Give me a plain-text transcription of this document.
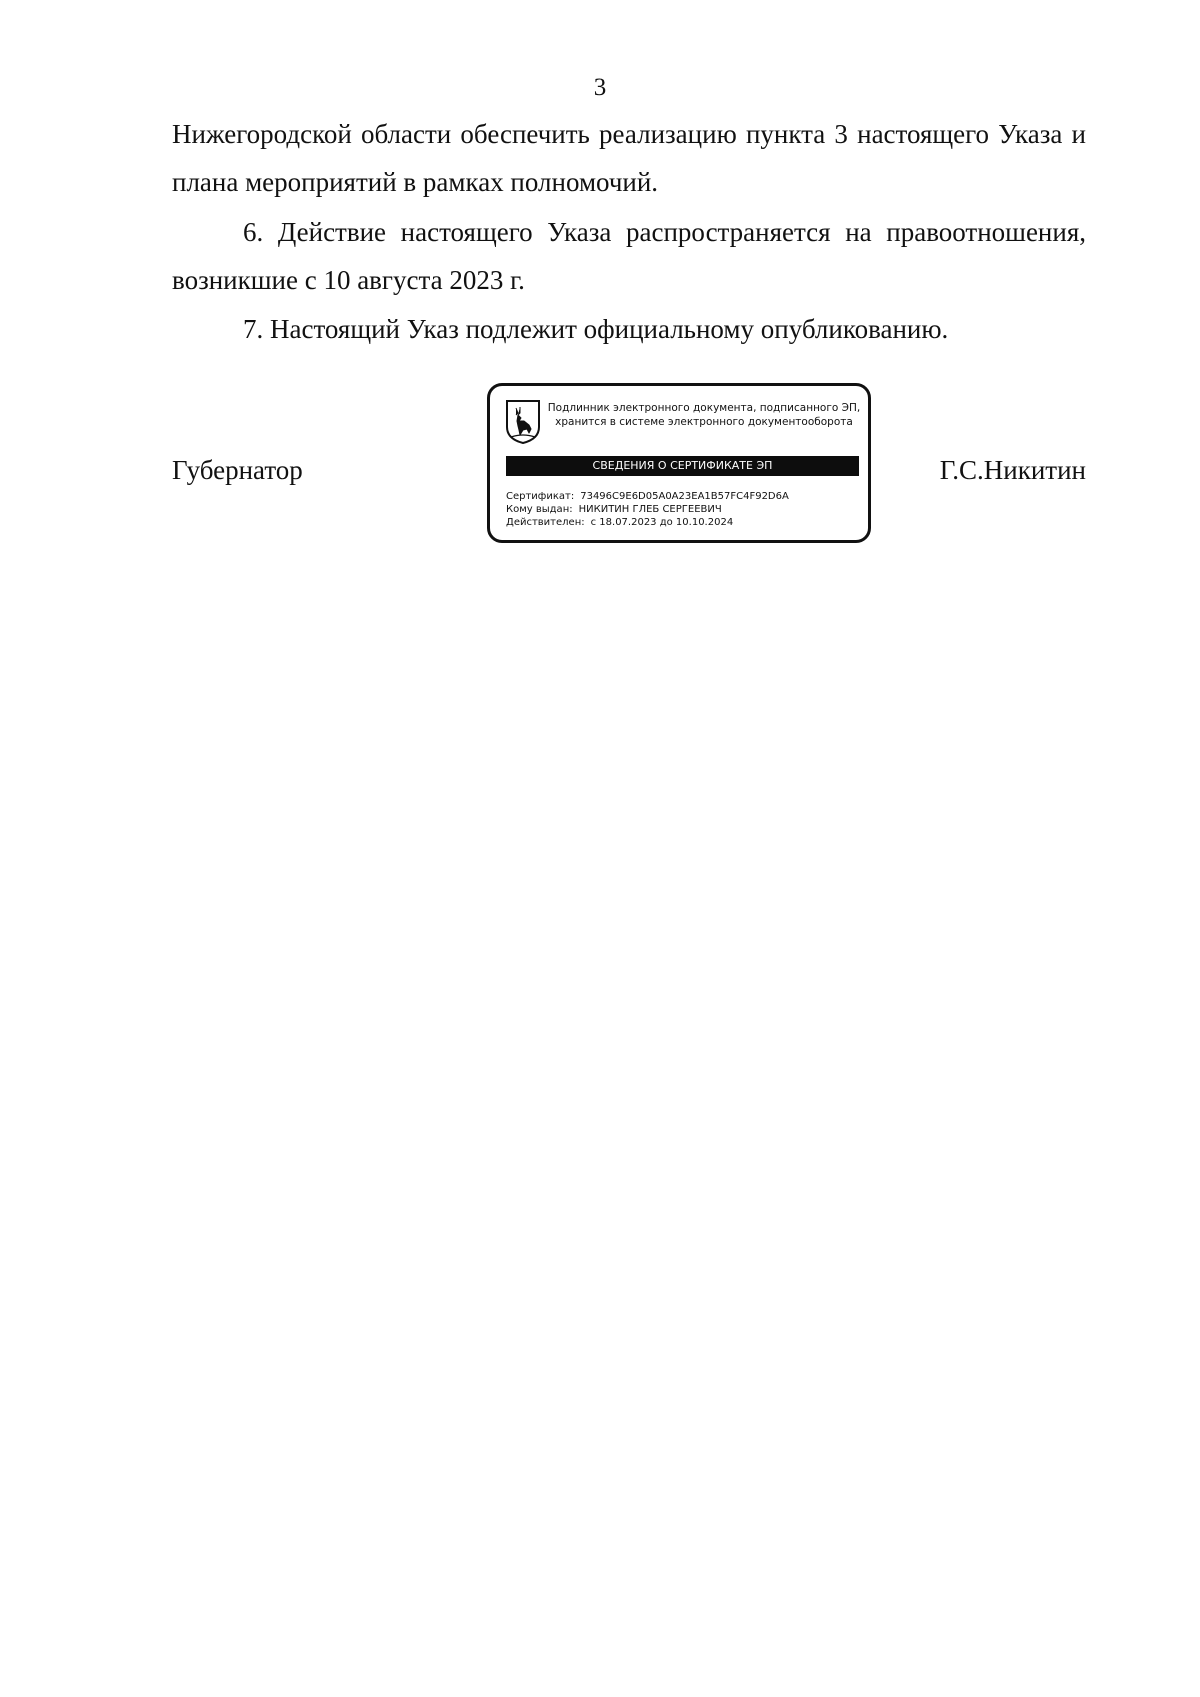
3

Нижегородской области обеспечить реализацию пункта 3 настоящего Указа и плана мероприятий в рамках полномочий.

6. Действие настоящего Указа распространяется на правоотношения, возникшие с 10 августа 2023 г.

7. Настоящий Указ подлежит официальному опубликованию.

Губернатор
Подлинник электронного документа, подписанного ЭП,
хранится в системе электронного документооборота
СВЕДЕНИЯ О СЕРТИФИКАТЕ ЭП
Сертификат: 73496C9E6D05A0A23EA1B57FC4F92D6A
Кому выдан: НИКИТИН ГЛЕБ СЕРГЕЕВИЧ
Действителен: с 18.07.2023 до 10.10.2024
Г.С.Никитин
